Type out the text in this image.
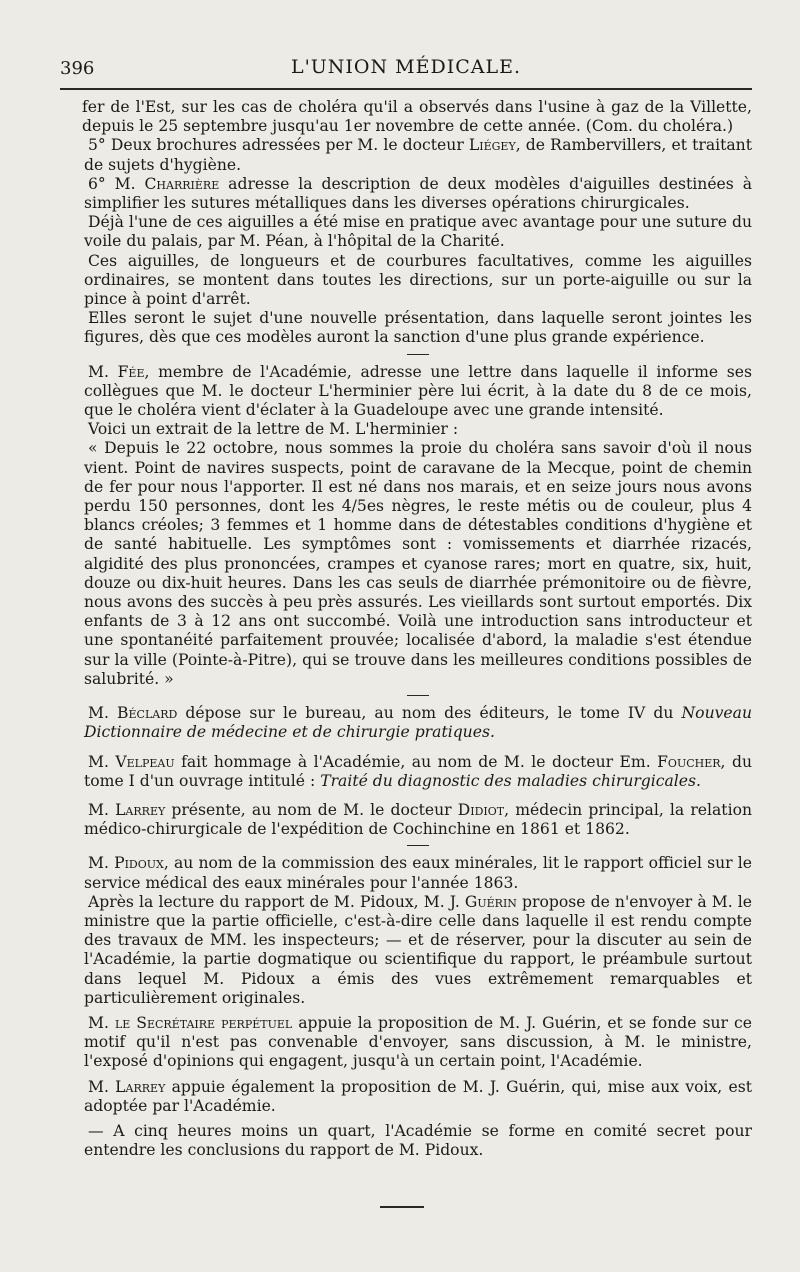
396	L'UNION MÉDICALE.

fer de l'Est, sur les cas de choléra qu'il a observés dans l'usine à gaz de la Villette, depuis le 25 septembre jusqu'au 1er novembre de cette année. (Com. du choléra.)

5° Deux brochures adressées per M. le docteur Liégey, de Rambervillers, et traitant de sujets d'hygiène.

6° M. Charrière adresse la description de deux modèles d'aiguilles destinées à simplifier les sutures métalliques dans les diverses opérations chirurgicales.

Déjà l'une de ces aiguilles a été mise en pratique avec avantage pour une suture du voile du palais, par M. Péan, à l'hôpital de la Charité.

Ces aiguilles, de longueurs et de courbures facultatives, comme les aiguilles ordinaires, se montent dans toutes les directions, sur un porte-aiguille ou sur la pince à point d'arrêt.

Elles seront le sujet d'une nouvelle présentation, dans laquelle seront jointes les figures, dès que ces modèles auront la sanction d'une plus grande expérience.

M. Fée, membre de l'Académie, adresse une lettre dans laquelle il informe ses collègues que M. le docteur L'herminier père lui écrit, à la date du 8 de ce mois, que le choléra vient d'éclater à la Guadeloupe avec une grande intensité.

Voici un extrait de la lettre de M. L'herminier :

« Depuis le 22 octobre, nous sommes la proie du choléra sans savoir d'où il nous vient. Point de navires suspects, point de caravane de la Mecque, point de chemin de fer pour nous l'apporter. Il est né dans nos marais, et en seize jours nous avons perdu 150 personnes, dont les 4/5es nègres, le reste métis ou de couleur, plus 4 blancs créoles; 3 femmes et 1 homme dans de détestables conditions d'hygiène et de santé habituelle. Les symptômes sont : vomissements et diarrhée rizacés, algidité des plus prononcées, crampes et cyanose rares; mort en quatre, six, huit, douze ou dix-huit heures. Dans les cas seuls de diarrhée prémonitoire ou de fièvre, nous avons des succès à peu près assurés. Les vieillards sont surtout emportés. Dix enfants de 3 à 12 ans ont succombé. Voilà une introduction sans introducteur et une spontanéité parfaitement prouvée; localisée d'abord, la maladie s'est étendue sur la ville (Pointe-à-Pitre), qui se trouve dans les meilleures conditions possibles de salubrité. »

M. Béclard dépose sur le bureau, au nom des éditeurs, le tome IV du Nouveau Dictionnaire de médecine et de chirurgie pratiques.

M. Velpeau fait hommage à l'Académie, au nom de M. le docteur Em. Foucher, du tome I d'un ouvrage intitulé : Traité du diagnostic des maladies chirurgicales.

M. Larrey présente, au nom de M. le docteur Didiot, médecin principal, la relation médico-chirurgicale de l'expédition de Cochinchine en 1861 et 1862.

M. Pidoux, au nom de la commission des eaux minérales, lit le rapport officiel sur le service médical des eaux minérales pour l'année 1863.

Après la lecture du rapport de M. Pidoux, M. J. Guérin propose de n'envoyer à M. le ministre que la partie officielle, c'est-à-dire celle dans laquelle il est rendu compte des travaux de MM. les inspecteurs; — et de réserver, pour la discuter au sein de l'Académie, la partie dogmatique ou scientifique du rapport, le préambule surtout dans lequel M. Pidoux a émis des vues extrêmement remarquables et particulièrement originales.

M. le Secrétaire perpétuel appuie la proposition de M. J. Guérin, et se fonde sur ce motif qu'il n'est pas convenable d'envoyer, sans discussion, à M. le ministre, l'exposé d'opinions qui engagent, jusqu'à un certain point, l'Académie.

M. Larrey appuie également la proposition de M. J. Guérin, qui, mise aux voix, est adoptée par l'Académie.

— A cinq heures moins un quart, l'Académie se forme en comité secret pour entendre les conclusions du rapport de M. Pidoux.
